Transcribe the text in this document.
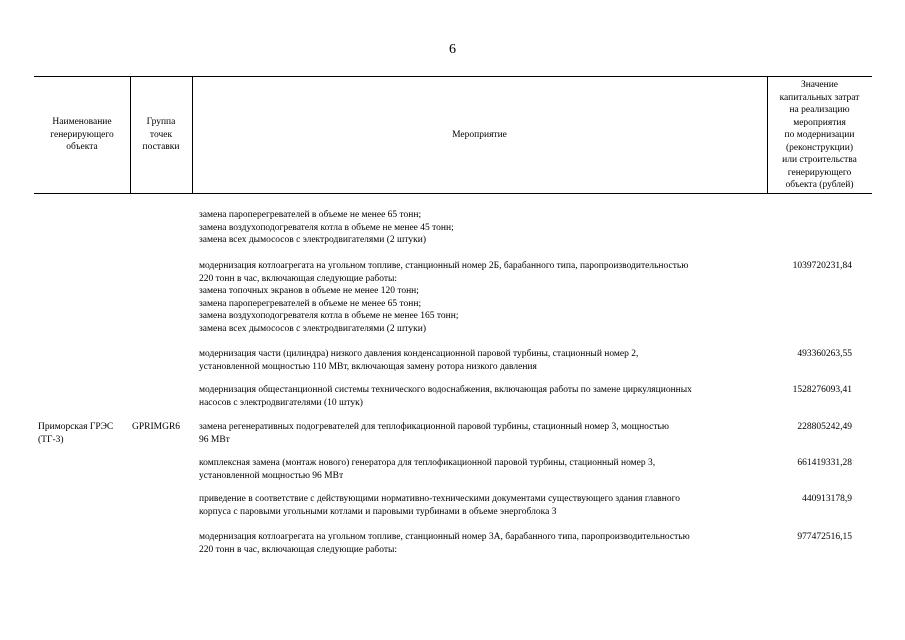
6
Наименование
генерирующего
объекта
Группа
точек
поставки
Мероприятие
Значение
капитальных затрат
на реализацию
мероприятия
по модернизации
(реконструкции)
или строительства
генерирующего
объекта (рублей)
Приморская ГРЭС
(ТГ-3)
GPRIMGR6
замена пароперегревателей в объеме не менее 65 тонн;
замена воздухоподогревателя котла в объеме не менее 45 тонн;
замена всех дымососов с электродвигателями (2 штуки)
модернизация котлоагрегата на угольном топливе, станционный номер 2Б, барабанного типа, паропроизводительностью
220 тонн в час, включающая следующие работы:
замена топочных экранов в объеме не менее 120 тонн;
замена пароперегревателей в объеме не менее 65 тонн;
замена воздухоподогревателя котла в объеме не менее 165 тонн;
замена всех дымососов с электродвигателями (2 штуки)
1039720231,84
модернизация части (цилиндра) низкого давления конденсационной паровой турбины, стационный номер 2,
установленной мощностью 110 МВт, включающая замену ротора низкого давления
493360263,55
модернизация общестанционной системы технического водоснабжения, включающая работы по замене циркуляционных
насосов с электродвигателями (10 штук)
1528276093,41
замена регенеративных подогревателей для теплофикационной паровой турбины, стационный номер 3, мощностью
96 МВт
228805242,49
комплексная замена (монтаж нового) генератора для теплофикационной паровой турбины, стационный номер 3,
установленной мощностью 96 МВт
661419331,28
приведение в соответствие с действующими нормативно-техническими документами существующего здания главного
корпуса с паровыми угольными котлами и паровыми турбинами в объеме энергоблока 3
440913178,9
модернизация котлоагрегата на угольном топливе, станционный номер 3А, барабанного типа, паропроизводительностью
220 тонн в час, включающая следующие работы:
977472516,15
